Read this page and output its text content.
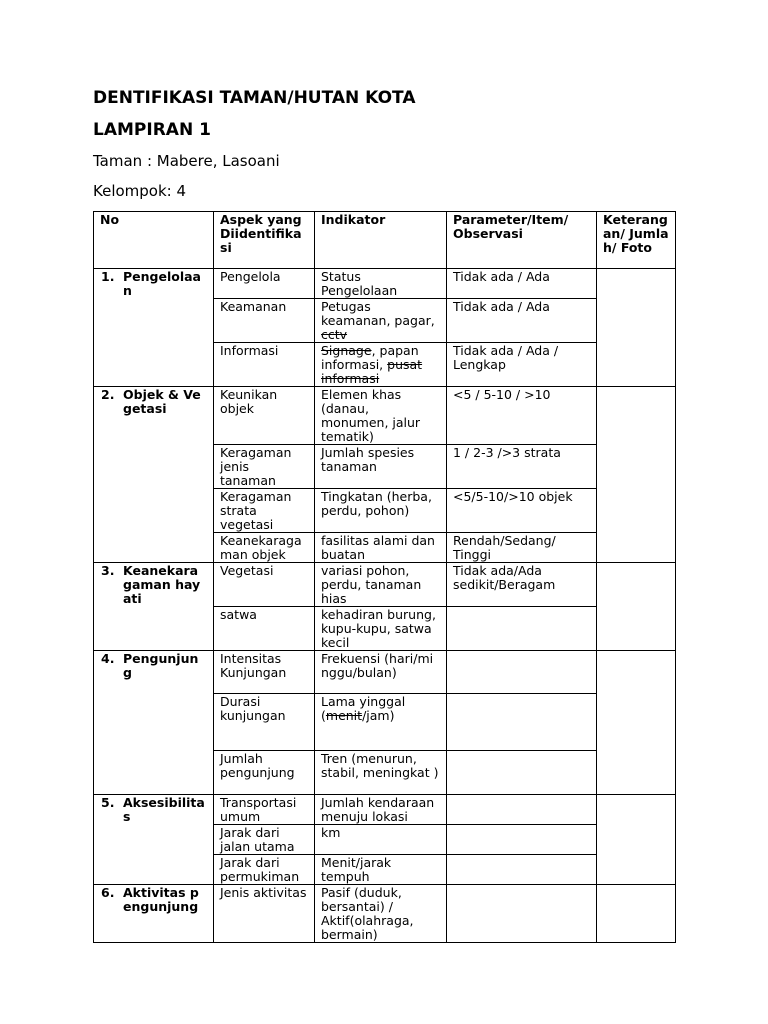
DENTIFIKASI TAMAN/HUTAN KOTA
LAMPIRAN 1
Taman : Mabere, Lasoani
Kelompok: 4
No	Aspek yang Diidentifikasi	Indikator	Parameter/Item/ Observasi	Keterangan/ Jumlah/ Foto
1. Pengelolaan	Pengelola	Status Pengelolaan	Tidak ada / Ada	
	Keamanan	Petugas keamanan, pagar, cctv	Tidak ada / Ada	
	Informasi	Signage, papan informasi, pusat informasi	Tidak ada / Ada / Lengkap	
2. Objek & Vegetasi	Keunikan objek	Elemen khas (danau, monumen, jalur tematik)	<5 / 5-10 / >10	
	Keragaman jenis tanaman	Jumlah spesies tanaman	1 / 2-3 />3 strata	
	Keragaman strata vegetasi	Tingkatan (herba, perdu, pohon)	<5/5-10/>10 objek	
	Keanekaragaman objek	fasilitas alami dan buatan	Rendah/Sedang/ Tinggi	
3. Keanekaragaman hayati	Vegetasi	variasi pohon, perdu, tanaman hias	Tidak ada/Ada sedikit/Beragam	
	satwa	kehadiran burung, kupu-kupu, satwa kecil		
4. Pengunjung	Intensitas Kunjungan	Frekuensi (hari/minggu/bulan)		
	Durasi kunjungan	Lama yinggal (menit/jam)		
	Jumlah pengunjung	Tren (menurun, stabil, meningkat )		
5. Aksesibilitas	Transportasi umum	Jumlah kendaraan menuju lokasi		
	Jarak dari jalan utama	km		
	Jarak dari permukiman	Menit/jarak tempuh		
6. Aktivitas pengunjung	Jenis aktivitas	Pasif (duduk, bersantai) / Aktif(olahraga, bermain)		
